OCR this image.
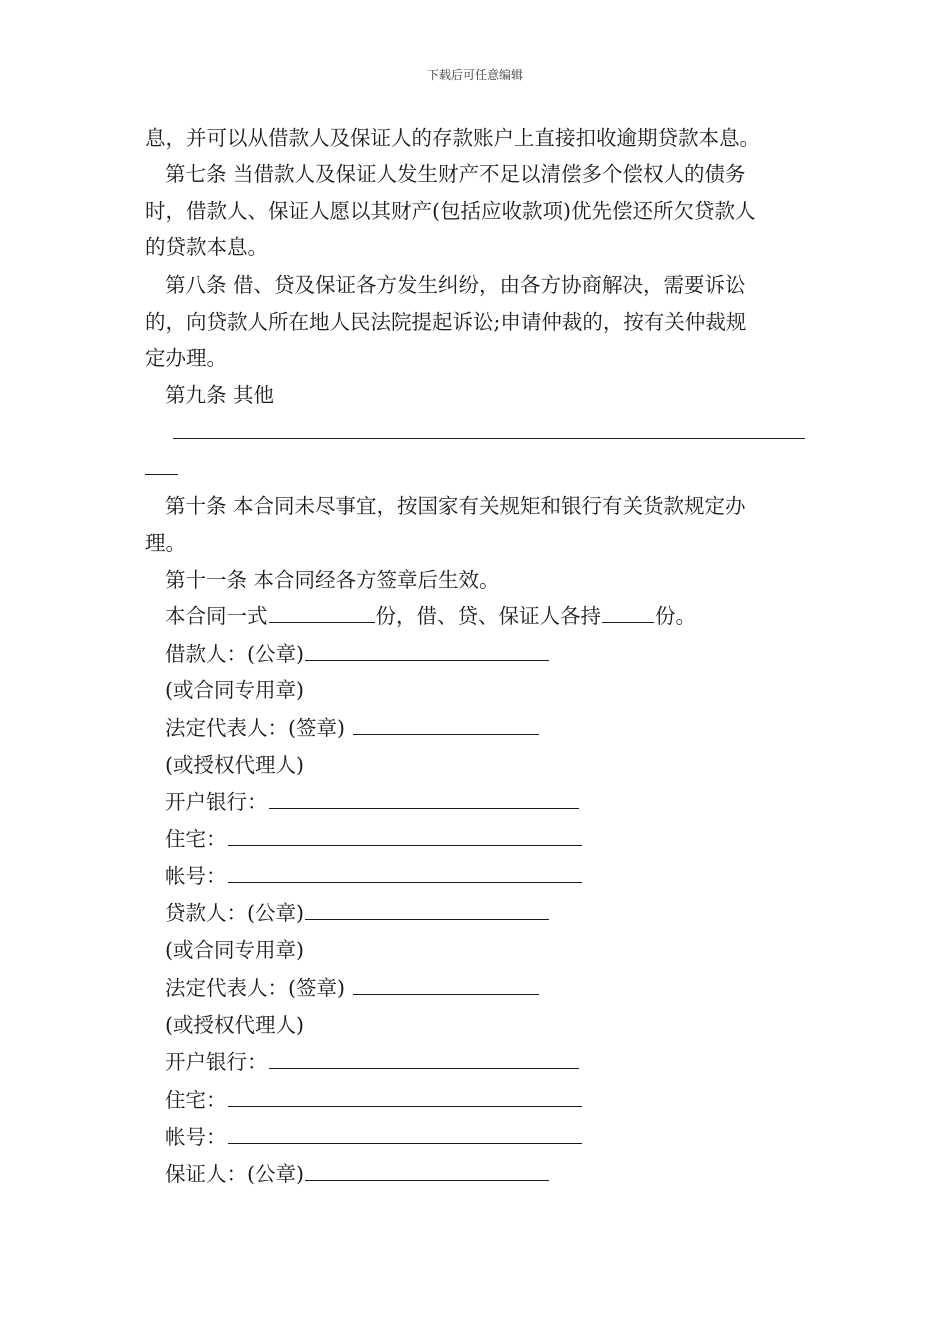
下载后可任意编辑
息，并可以从借款人及保证人的存款账户上直接扣收逾期贷款本息。
第七条 当借款人及保证人发生财产不足以清偿多个偿权人的债务
时，借款人、保证人愿以其财产(包括应收款项)优先偿还所欠贷款人
的贷款本息。
第八条 借、贷及保证各方发生纠纷，由各方协商解决，需要诉讼
的，向贷款人所在地人民法院提起诉讼;申请仲裁的，按有关仲裁规
定办理。
第九条 其他
第十条 本合同未尽事宜，按国家有关规矩和银行有关货款规定办
理。
第十一条 本合同经各方签章后生效。
本合同一式	份，借、贷、保证人各持	份。
借款人：(公章)
(或合同专用章)
法定代表人：(签章)
(或授权代理人)
开户银行：
住宅：
帐号：
贷款人：(公章)
(或合同专用章)
法定代表人：(签章)
(或授权代理人)
开户银行：
住宅：
帐号：
保证人：(公章)
